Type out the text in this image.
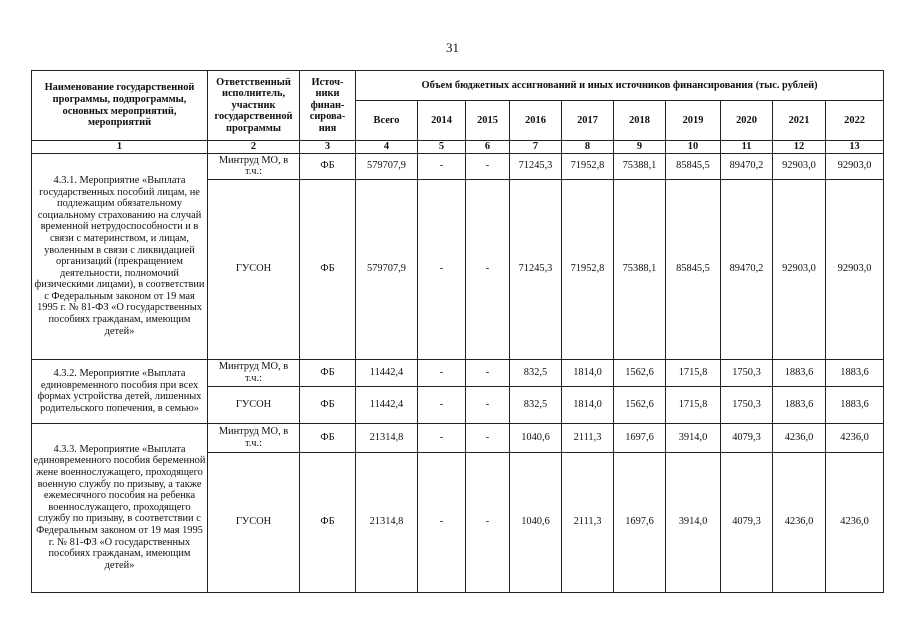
31
Наименование государственной программы, подпрограммы, основных мероприятий, мероприятий	Ответственный исполнитель, участник государственной программы	Источ-ники финан-сирова-ния	Объем бюджетных ассигнований и иных источников финансирования (тыс. рублей)									
			Всего	2014	2015	2016	2017	2018	2019	2020	2021	2022
1	2	3	4	5	6	7	8	9	10	11	12	13
4.3.1. Мероприятие «Выплата государственных пособий лицам, не подлежащим обязательному социальному страхованию на случай временной нетрудоспособности и в связи с материнством, и лицам, уволенным в связи с ликвидацией организаций (прекращением деятельности, полномочий физическими лицами), в соответствии с Федеральным законом от 19 мая 1995 г. № 81-ФЗ «О государственных пособиях гражданам, имеющим детей»	Минтруд МО, в т.ч.:	ФБ	579707,9	-	-	71245,3	71952,8	75388,1	85845,5	89470,2	92903,0	92903,0
	ГУСОН	ФБ	579707,9	-	-	71245,3	71952,8	75388,1	85845,5	89470,2	92903,0	92903,0
4.3.2. Мероприятие «Выплата единовременного пособия при всех формах устройства детей, лишенных родительского попечения, в семью»	Минтруд МО, в т.ч.:	ФБ	11442,4	-	-	832,5	1814,0	1562,6	1715,8	1750,3	1883,6	1883,6
	ГУСОН	ФБ	11442,4	-	-	832,5	1814,0	1562,6	1715,8	1750,3	1883,6	1883,6
4.3.3. Мероприятие «Выплата единовременного пособия беременной жене военнослужащего, проходящего военную службу по призыву, а также ежемесячного пособия на ребенка военнослужащего, проходящего службу по призыву, в соответствии с Федеральным законом от 19 мая 1995 г. № 81-ФЗ «О государственных пособиях гражданам, имеющим детей»	Минтруд МО, в т.ч.:	ФБ	21314,8	-	-	1040,6	2111,3	1697,6	3914,0	4079,3	4236,0	4236,0
	ГУСОН	ФБ	21314,8	-	-	1040,6	2111,3	1697,6	3914,0	4079,3	4236,0	4236,0
